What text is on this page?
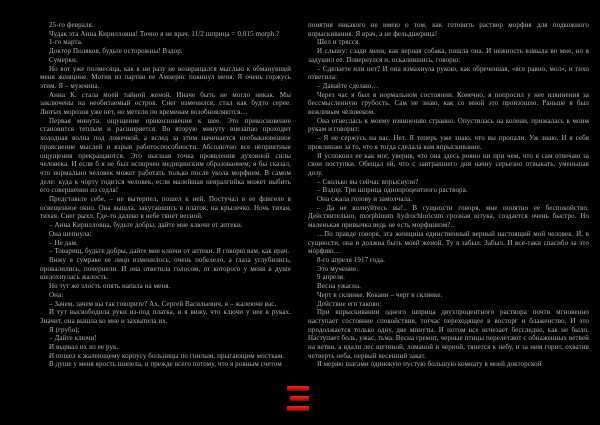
25-го февраля.

Чудак эта Анна Кирилловна! Точно я не врач. 11/2 шприца = 0,015 morph.?

1-го марта.

Доктор Поляков, будьте осторожны! Вздор.

Сумерки.

Но вот уже полмесяца, как я ни разу не возвращался мыслью к обманувшей меня женщине. Мотив из партии ее Амнерис покинул меня. Я очень горжусь этим. Я – мужчина.

Анна К. стала моей тайной женой. Иначе быть не могло никак. Мы заключены на необитаемый остров. Снег изменился, стал как будто серее. Лютых морозов уже нет, но метели по временам возобновляются…

Первая минута: ощущение прикосновения к шее. Это прикосновение становится теплым и расширяется. Во вторую минуту внезапно проходит холодная волна под ложечкой, а вслед за этим начинается необыкновенное прояснение мыслей и взрыв работоспособности. Абсолютно все неприятные ощущения прекращаются. Это высшая точка проявления духовной силы человека. И если б я не был испорчен медицинским образованием, я бы сказал, что нормально человек может работать только после укола морфием. В самом деле: куда к чорту годится человек, если малейшая невралгийка может выбить его совершенно из седла!

Представьте себе, – не вытерпел, пошел к ней. Постучал в ее флигеле в освещенное окно. Она вышла, закутавшись в платок, на крылечко. Ночь тихая, тихая. Снег рыхл. Где-то далеко в небе тянет весной.

– Анна Кирилловна, будьте добры, дайте мне ключи от аптеки.

Она шепнула:

– Не дам.

– Товарищ, будьте добры, дайте мне ключи от аптеки. Я говорю вам, как врач.

Вижу в сумраке ее лицо изменилось, очень побелело, а глаза углубились, провалились, почернели. И она ответила голосом, от которого у меня в душе шелохнулась жалость.

Но тут же злость опять напала на меня.

Она:

– Зачем, зачем вы так говорите? Ах, Сергей Васильевич, я – жалеючи вас.

И тут высвободила руки из-под платка, и я вижу, что ключи у нее в руках. Значит, она вышла ко мне и захватила их.

Я (грубо):

– Дайте ключи!

И вырвал их из ее рук.

И пошел к жалеющему корпусу больницы по гнилым, прыгающим мосткам.

В душе у меня ярость шипела, и прежде всего потому, что я ровным счетом

понятия никакого не имею о том, как готовить раствор морфия для подкожного впрыскивания. Я врач, а не фельдшерица!

Шел и трясся.

И слышу: сзади меня, как верная собака, пошла она. И нежность взмыла во мне, но я задушил ее. Повернулся и, оскалившись, говорю:

– Сделаете или нет? И она взмахнула рукою, как обреченная, «все равно, мол», и тихо ответила:

– Давайте сделаю…

Через час я был в нормальном состоянии. Конечно, я попросил у нее извинения за бессмысленную грубость. Сам не знаю, как со мной это произошло. Раньше я был вежливым человеком.

Она отнеслась к моему извинению странно. Опустилась на колени, прижалась к моим рукам и говорит:

– Я не сержусь на вас. Нет. Я теперь уже знаю, что вы пропали. Уж знаю. И я себя проклинаю за то, что я тогда сделала вам впрыскивание.

Я успокоил ее как мог, уверив, что она здесь ровно ни при чем, что я сам отвечаю за свои поступки. Обещал ей, что с завтрашнего дня начну серьезно отвыкать, уменьшая дозу.

– Сколько вы сейчас впрыснули?

– Вздор. Три шприца однопроцентного раствора.

Она сжала голову и замолчала.

– Да не волнуйтесь вы!.. В сущности говоря, мне понятно ее беспокойство. Действительно, morphinum hydrochloricum грозная штука, создается очень быстро. Но маленькая привычка ведь не есть морфинизм?..

…По правде говоря, эта женщина единственный верный настоящий мой человек. И, в сущности, она и должна быть моей женой. Ту я забыл. Забыл. И все-таки спасибо за это морфию…

8-го апреля 1917 года.

Это мучение.

9 апреля.

Весна ужасна.

Черт в склянке. Кокаин – черт в склянке.

Действие его таково:

При впрыскивании одного шприца двухпроцентного раствора почти мгновенно наступает состояние спокойствия, тотчас переходящее в восторг и блаженство. И это продолжается только одну, две минуты. И потом все исчезает бесследно, как не было. Наступает боль, ужас, тьма. Весна гремит, черные птицы перелетают с обнаженных ветвей на ветви, а вдали лес щетиной, ломаной и черной, тянется к небу, и за ним горит, охватив четверть неба, первый весенний закат.

Я меряю шагами одинокую пустую большую комнату в моей докторской
